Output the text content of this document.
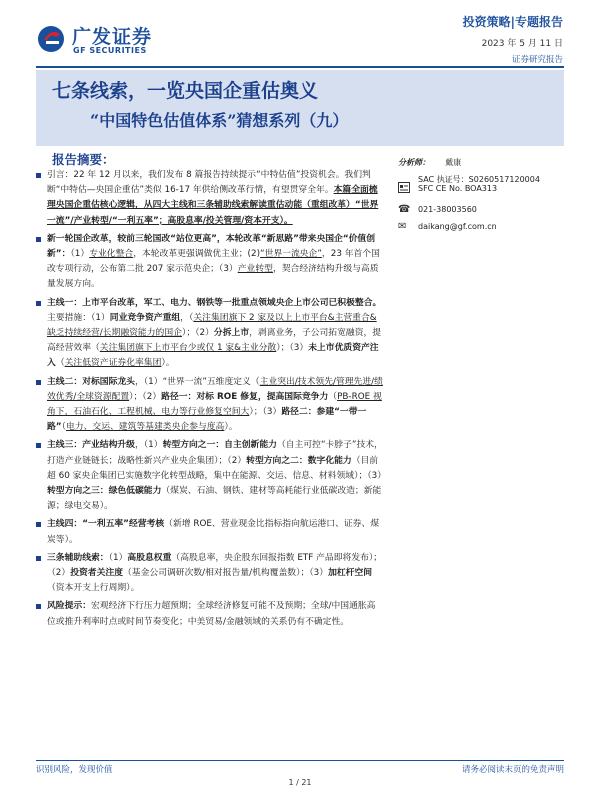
广发证券
GF SECURITIES
投资策略|专题报告
2023 年 5 月 11 日
证券研究报告
七条线索，一览央国企重估奥义
“中国特色估值体系”猜想系列（九）
报告摘要：
引言：22 年 12 月以来，我们发布 8 篇报告持续提示“中特估值”投资机会。我们判断“中特估—央国企重估”类似 16-17 年供给侧改革行情，有望贯穿全年。本篇全面梳理央国企重估核心逻辑，从四大主线和三条辅助线索解读重估动能（重组改革）“世界一流”/产业转型/“一利五率”；高股息率/投关管理/资本开支）。
新一轮国企改革，较前三轮国改“站位更高”，本轮改革“新思路”带来央国企“价值创新”：（1）专业化整合，本轮改革更强调做优主业；(2)“世界一流央企”，23 年首个国改专项行动，公布第二批 207 家示范央企；（3）产业转型，契合经济结构升级与高质量发展方向。
主线一：上市平台改革，军工、电力、钢铁等一批重点领域央企上市公司已积极整合。主要措施：（1）同业竞争资产重组，（关注集团旗下 2 家及以上上市平台&主营重合&缺乏持续经营/长期融资能力的国企）；（2）分拆上市，剥离业务，子公司拓宽融资，提高经营效率（关注集团旗下上市平台少或仅 1 家&主业分散）；（3）未上市优质资产注入（关注低资产证券化率集团）。
主线二：对标国际龙头，（1）“世界一流”五维度定义（主业突出/技术领先/管理先进/绩效优秀/全球资源配置）；（2）路径一：对标 ROE 修复，提高国际竞争力（PB-ROE 视角下，石油石化、工程机械、电力等行业修复空间大）；（3）路径二：参建“一带一路”（电力、交运、建筑等基建类央企参与度高）。
主线三：产业结构升级，（1）转型方向之一：自主创新能力（自主可控“卡脖子”技术，打造产业链链长；战略性新兴产业央企集团）；（2）转型方向之二：数字化能力（目前超 60 家央企集团已实施数字化转型战略，集中在能源、交运、信息、材料领域）；（3）转型方向之三：绿色低碳能力（煤炭、石油、钢铁、建材等高耗能行业低碳改造；新能源；绿电交易）。
主线四：“一利五率”经营考核（新增 ROE、营业现金比指标指向航运港口、证券、煤炭等）。
三条辅助线索：（1）高股息权重（高股息率，央企股东回报指数 ETF 产品即将发布）；（2）投资者关注度（基金公司调研次数/相对报告量/机构覆盖数）；（3）加杠杆空间（资本开支上行周期）。
风险提示：宏观经济下行压力超预期；全球经济修复可能不及预期；全球/中国通胀高位或推升利率时点或时间节奏变化；中美贸易/金融领域的关系仍有不确定性。
分析师： 戴康
SAC 执证号：S0260517120004
SFC CE No. BOA313
☎ 021-38003560
✉	daikang@gf.com.cn
识别风险，发现价值	请务必阅读末页的免责声明
1 / 21
